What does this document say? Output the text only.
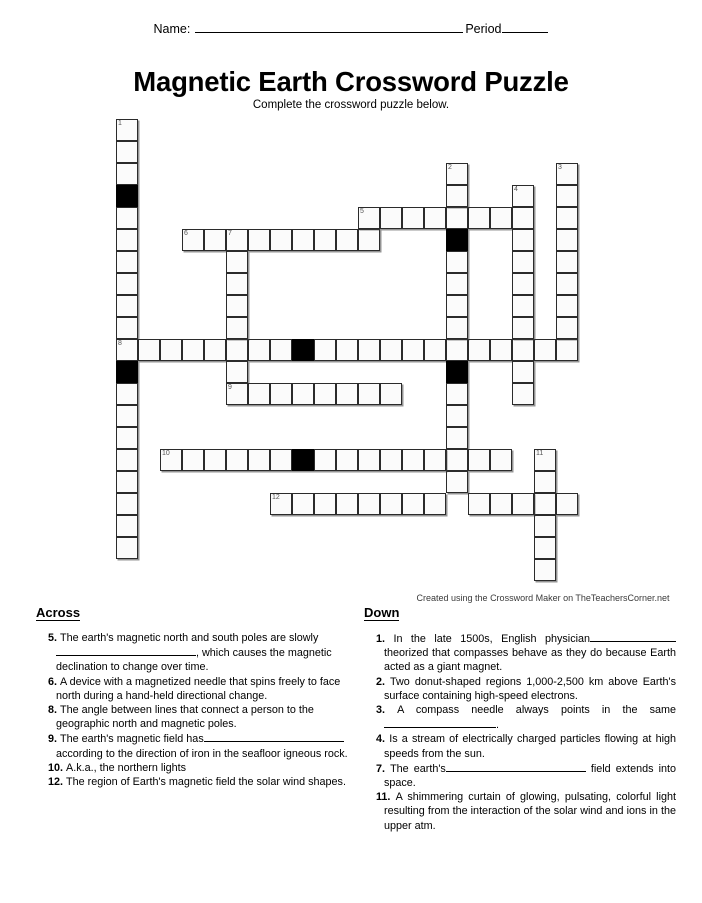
Name:	Period
Magnetic Earth Crossword Puzzle
Complete the crossword puzzle below.
1
8
6	7
9
5
2
4
3
10	11
12
Created using the Crossword Maker on TheTeachersCorner.net
Across
5. The earth's magnetic north and south poles are slowly, which causes the magnetic declination to change over time.
6. A device with a magnetized needle that spins freely to face north during a hand-held directional change.
8. The angle between lines that connect a person to the geographic north and magnetic poles.
9. The earth's magnetic field has according to the direction of iron in the seafloor igneous rock.
10. A.k.a., the northern lights
12. The region of Earth's magnetic field the solar wind shapes.
Down
1. In the late 1500s, English physician theorized that compasses behave as they do because Earth acted as a giant magnet.
2. Two donut-shaped regions 1,000-2,500 km above Earth's surface containing high-speed electrons.
3. A compass needle always points in the same.
4. Is a stream of electrically charged particles flowing at high speeds from the sun.
7. The earth's	field extends into space.
11. A shimmering curtain of glowing, pulsating, colorful light resulting from the interaction of the solar wind and ions in the upper atm.
